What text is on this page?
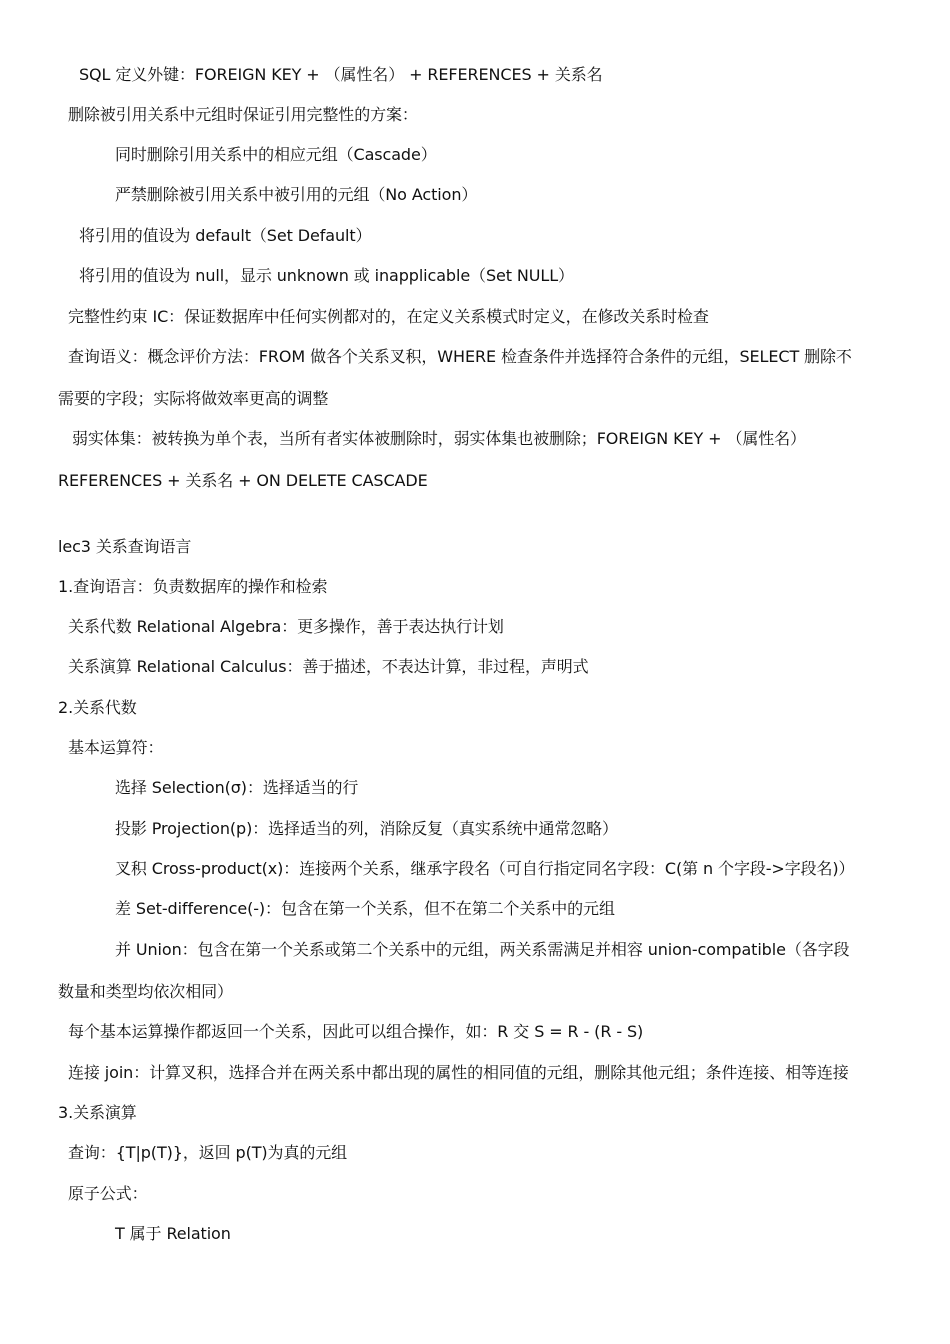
SQL 定义外键：FOREIGN KEY + （属性名） + REFERENCES + 关系名
删除被引用关系中元组时保证引用完整性的方案：
同时删除引用关系中的相应元组（Cascade）
严禁删除被引用关系中被引用的元组（No Action）
将引用的值设为 default（Set Default）
将引用的值设为 null，显示 unknown 或 inapplicable（Set NULL）
完整性约束 IC：保证数据库中任何实例都对的，在定义关系模式时定义，在修改关系时检查
查询语义：概念评价方法：FROM 做各个关系叉积，WHERE 检查条件并选择符合条件的元组，SELECT 删除不
需要的字段；实际将做效率更高的调整
弱实体集：被转换为单个表，当所有者实体被删除时，弱实体集也被删除；FOREIGN KEY + （属性名）
REFERENCES + 关系名 + ON DELETE CASCADE
lec3 关系查询语言
1.查询语言：负责数据库的操作和检索
关系代数 Relational Algebra：更多操作，善于表达执行计划
关系演算 Relational Calculus：善于描述，不表达计算，非过程，声明式
2.关系代数
基本运算符：
选择 Selection(σ)：选择适当的行
投影 Projection(p)：选择适当的列，消除反复（真实系统中通常忽略）
叉积 Cross-product(x)：连接两个关系，继承字段名（可自行指定同名字段：C(第 n 个字段->字段名)）
差 Set-difference(-)：包含在第一个关系，但不在第二个关系中的元组
并 Union：包含在第一个关系或第二个关系中的元组，两关系需满足并相容 union-compatible（各字段
数量和类型均依次相同）
每个基本运算操作都返回一个关系，因此可以组合操作，如：R 交 S = R - (R - S)
连接 join：计算叉积，选择合并在两关系中都出现的属性的相同值的元组，删除其他元组；条件连接、相等连接
3.关系演算
查询：{T|p(T)}，返回 p(T)为真的元组
原子公式：
T 属于 Relation
